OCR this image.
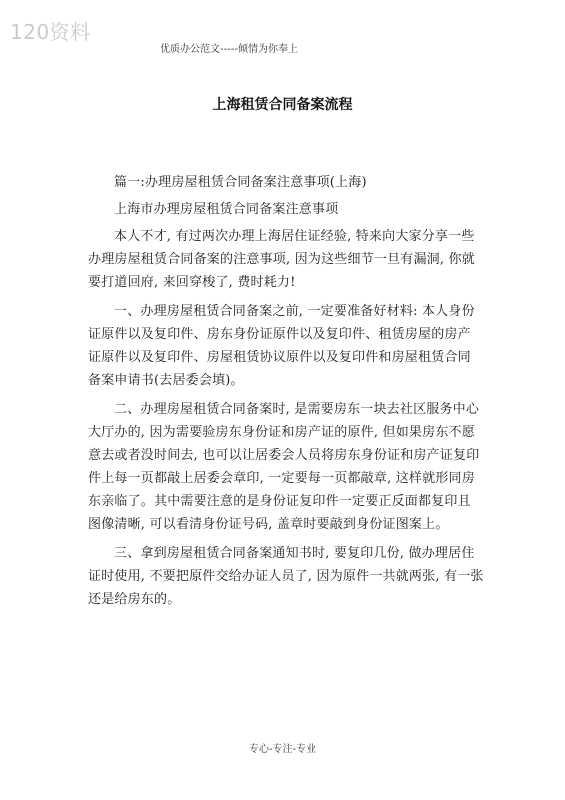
120资料
优质办公范文-----倾情为你奉上
上海租赁合同备案流程
篇一:办理房屋租赁合同备案注意事项(上海)
上海市办理房屋租赁合同备案注意事项
本人不才, 有过两次办理上海居住证经验, 特来向大家分享一些
办理房屋租赁合同备案的注意事项, 因为这些细节一旦有漏洞, 你就
要打道回府, 来回穿梭了, 费时耗力!
一、办理房屋租赁合同备案之前, 一定要准备好材料: 本人身份
证原件以及复印件、房东身份证原件以及复印件、租赁房屋的房产
证原件以及复印件、房屋租赁协议原件以及复印件和房屋租赁合同
备案申请书(去居委会填)。
二、办理房屋租赁合同备案时, 是需要房东一块去社区服务中心
大厅办的, 因为需要验房东身份证和房产证的原件, 但如果房东不愿
意去或者没时间去, 也可以让居委会人员将房东身份证和房产证复印
件上每一页都敲上居委会章印, 一定要每一页都敲章, 这样就形同房
东亲临了。其中需要注意的是身份证复印件一定要正反面都复印且
图像清晰, 可以看清身份证号码, 盖章时要敲到身份证图案上。
三、拿到房屋租赁合同备案通知书时, 要复印几份, 做办理居住
证时使用, 不要把原件交给办证人员了, 因为原件一共就两张, 有一张
还是给房东的。
专心-专注-专业
